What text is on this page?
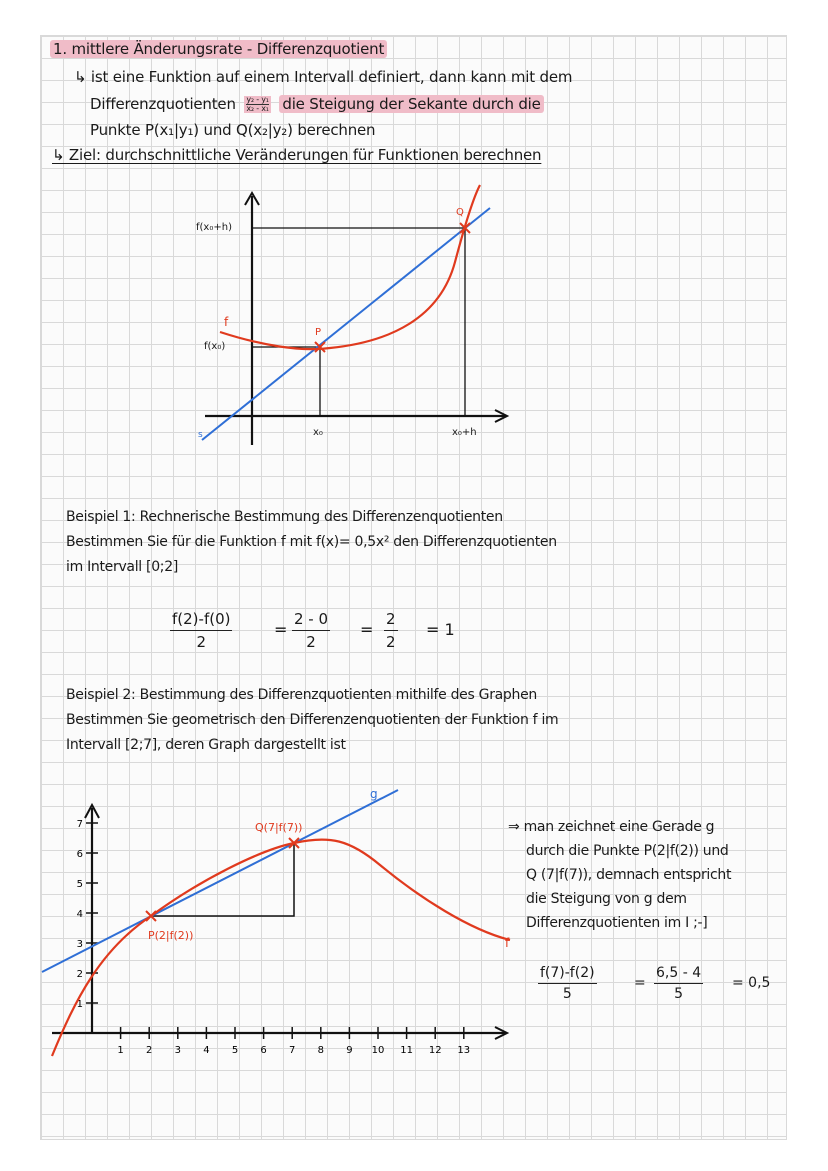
1. mittlere Änderungsrate - Differenzquotient
↳ ist eine Funktion auf einem Intervall definiert, dann kann mit dem
Differenzquotienten $\frac{\text{y₂ - y₁}}{\text{x₂ - x₁}}$ die Steigung der Sekante durch die
Punkte P(x₁|y₁) und Q(x₂|y₂) berechnen
↳ Ziel: durchschnittliche Veränderungen für Funktionen berechnen
f(x₀+h)
f(x₀)
f
P
Q
s	x₀	x₀+h
Beispiel 1: Rechnerische Bestimmung des Differenzenquotienten
Bestimmen Sie für die Funktion f mit f(x)= 0,5x² den Differenzquotienten
im Intervall [0;2]
$\frac{f(2)-f(0)}{2}$	= $\frac{2 - 0}{2} = \frac{2}{2} = 1$
Beispiel 2: Bestimmung des Differenzquotienten mithilfe des Graphen
Bestimmen Sie geometrisch den Differenzenquotienten der Funktion f im
Intervall [2;7], deren Graph dargestellt ist
1 2 3 4 5 6 7 8 9 10 11 12 13
1
2
3
4
5
6
7	Q(7|f(7))
P(2|f(2))
g
f
⇒ man zeichnet eine Gerade g
durch die Punkte P(2|f(2)) und
Q (7|f(7)), demnach entspricht
die Steigung von g dem
Differenzquotienten im I ;-]
$\frac{f(7)-f(2)}{5}$	= $\frac{6,5 - 4}{5} = 0,5$
